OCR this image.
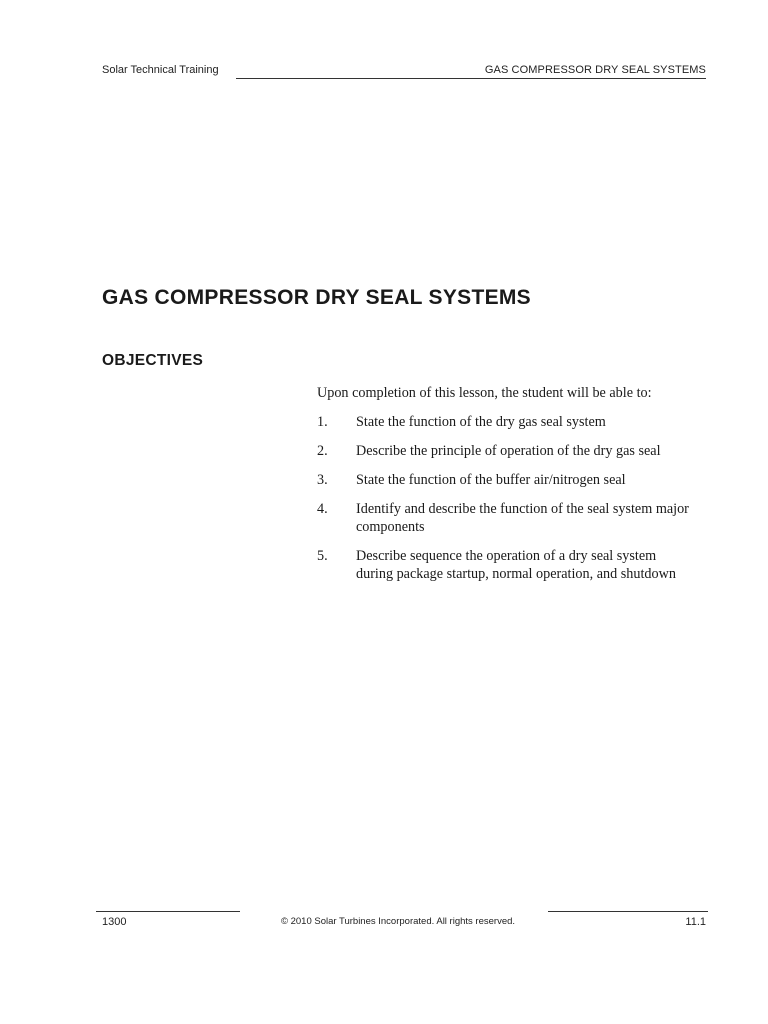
Solar Technical Training	GAS COMPRESSOR DRY SEAL SYSTEMS
GAS COMPRESSOR DRY SEAL SYSTEMS
OBJECTIVES

Upon completion of this lesson, the student will be able to:

1.	State the function of the dry gas seal system
2.	Describe the principle of operation of the dry gas seal
3.	State the function of the buffer air/nitrogen seal
4.	Identify and describe the function of the seal system major components
5.	Describe sequence the operation of a dry seal system during package startup, normal operation, and shutdown
1300	© 2010 Solar Turbines Incorporated. All rights reserved.	11.1
